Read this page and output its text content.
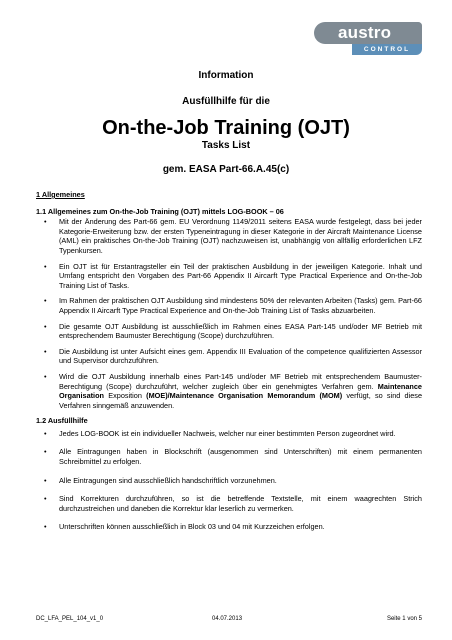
austro
CONTROL
Information
Ausfüllhilfe für die
On-the-Job Training (OJT)
Tasks List
gem. EASA Part-66.A.45(c)
1 Allgemeines
1.1 Allgemeines zum On-the-Job Training (OJT) mittels LOG-BOOK – 06
• Mit der Änderung des Part-66 gem. EU Verordnung 1149/2011 seitens EASA wurde festgelegt, dass bei jeder Kategorie-Erweiterung bzw. der ersten Typeneintragung in dieser Kategorie in der Aircraft Maintenance License (AML) ein praktisches On-the-Job Training (OJT) nachzuweisen ist, unabhängig von allfällig erforderlichen LFZ Typenkursen.
• Ein OJT ist für Erstantragsteller ein Teil der praktischen Ausbildung in der jeweiligen Kategorie. Inhalt und Umfang entspricht den Vorgaben des Part-66 Appendix II Aircarft Type Practical Experience and On-the-Job Training List of Tasks.
• Im Rahmen der praktischen OJT Ausbildung sind mindestens 50% der relevanten Arbeiten (Tasks) gem. Part-66 Appendix II Aircarft Type Practical Experience and On-the-Job Training List of Tasks abzuarbeiten.
• Die gesamte OJT Ausbildung ist ausschließlich im Rahmen eines EASA Part-145 und/oder MF Betrieb mit entsprechendem Baumuster Berechtigung (Scope) durchzuführen.
• Die Ausbildung ist unter Aufsicht eines gem. Appendix III Evaluation of the competence qualifizierten Assessor und Supervisor durchzuführen.
• Wird die OJT Ausbildung innerhalb eines Part-145 und/oder MF Betrieb mit entsprechendem Baumuster-Berechtigung (Scope) durchzuführt, welcher zugleich über ein genehmigtes Verfahren gem. Maintenance Organisation Exposition (MOE)/Maintenance Organisation Memorandum (MOM) verfügt, so sind diese Verfahren sinngemäß anzuwenden.
1.2 Ausfüllhilfe
• Jedes LOG-BOOK ist ein individueller Nachweis, welcher nur einer bestimmten Person zugeordnet wird.
• Alle Eintragungen haben in Blockschrift (ausgenommen sind Unterschriften) mit einem permanenten Schreibmittel zu erfolgen.
• Alle Eintragungen sind ausschließlich handschriftlich vorzunehmen.
• Sind Korrekturen durchzuführen, so ist die betreffende Textstelle, mit einem waagrechten Strich durchzustreichen und daneben die Korrektur klar leserlich zu vermerken.
• Unterschriften können ausschließlich in Block 03 und 04 mit Kurzzeichen erfolgen.
DC_LFA_PEL_104_v1_0	04.07.2013	Seite 1 von 5
